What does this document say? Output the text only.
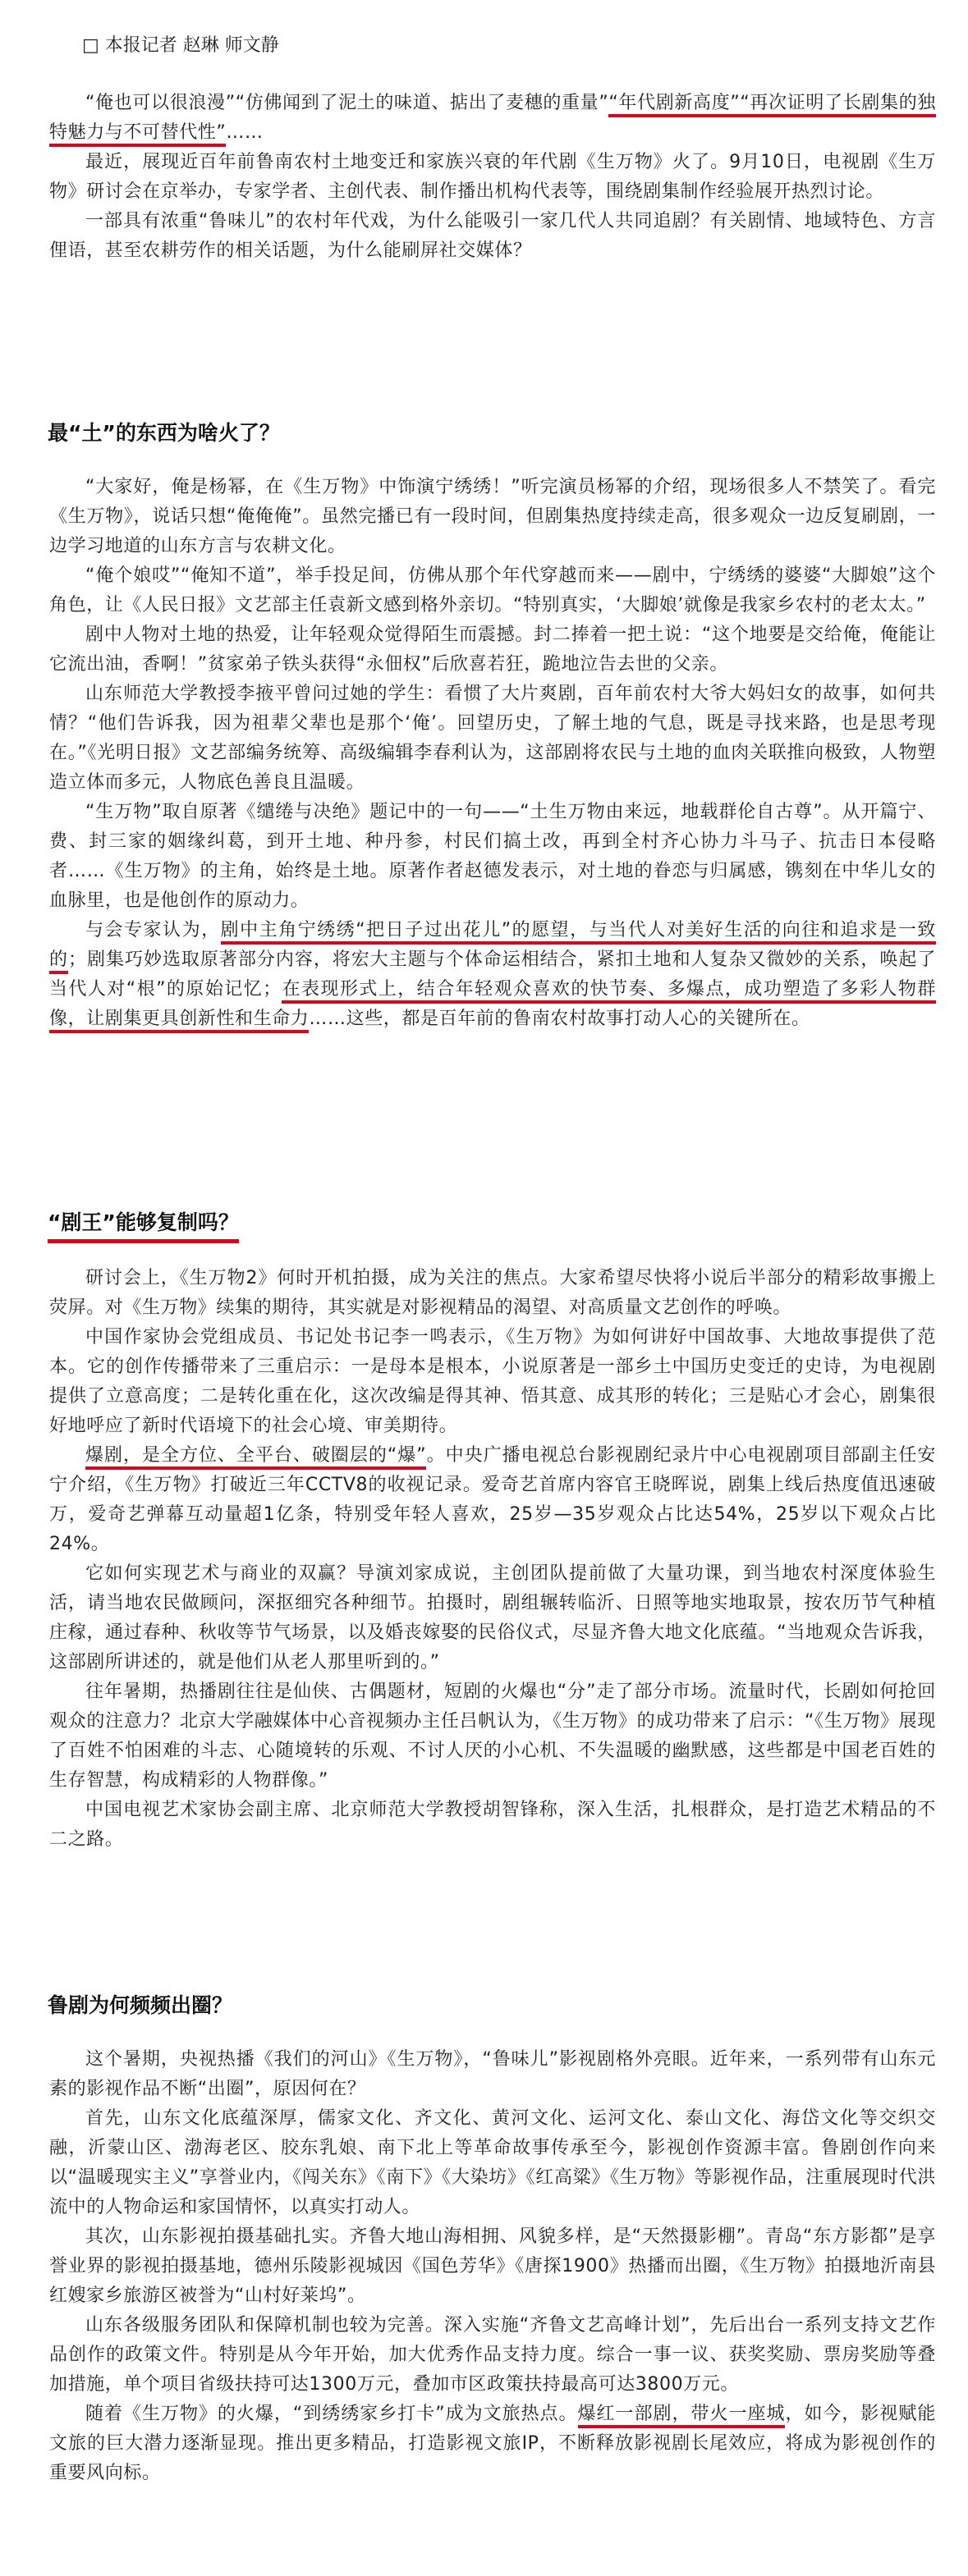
□ 本报记者 赵琳 师文静

“俺也可以很浪漫”“仿佛闻到了泥土的味道、掂出了麦穗的重量”“年代剧新高度”“再次证明了长剧集的独特魅力与不可替代性”……

最近，展现近百年前鲁南农村土地变迁和家族兴衰的年代剧《生万物》火了。9月10日，电视剧《生万物》研讨会在京举办，专家学者、主创代表、制作播出机构代表等，围绕剧集制作经验展开热烈讨论。

一部具有浓重“鲁味儿”的农村年代戏，为什么能吸引一家几代人共同追剧？有关剧情、地域特色、方言俚语，甚至农耕劳作的相关话题，为什么能刷屏社交媒体？

最“土”的东西为啥火了？

“大家好，俺是杨幂，在《生万物》中饰演宁绣绣！”听完演员杨幂的介绍，现场很多人不禁笑了。看完《生万物》，说话只想“俺俺俺”。虽然完播已有一段时间，但剧集热度持续走高，很多观众一边反复刷剧，一边学习地道的山东方言与农耕文化。

“俺个娘哎”“俺知不道”，举手投足间，仿佛从那个年代穿越而来——剧中，宁绣绣的婆婆“大脚娘”这个角色，让《人民日报》文艺部主任袁新文感到格外亲切。“特别真实，‘大脚娘’就像是我家乡农村的老太太。”

剧中人物对土地的热爱，让年轻观众觉得陌生而震撼。封二捧着一把土说：“这个地要是交给俺，俺能让它流出油，香啊！”贫家弟子铁头获得“永佃权”后欣喜若狂，跪地泣告去世的父亲。

山东师范大学教授李掖平曾问过她的学生：看惯了大片爽剧，百年前农村大爷大妈妇女的故事，如何共情？“他们告诉我，因为祖辈父辈也是那个‘俺’。回望历史，了解土地的气息，既是寻找来路，也是思考现在。”《光明日报》文艺部编务统筹、高级编辑李春利认为，这部剧将农民与土地的血肉关联推向极致，人物塑造立体而多元，人物底色善良且温暖。

“生万物”取自原著《缱绻与决绝》题记中的一句——“土生万物由来远，地载群伦自古尊”。从开篇宁、费、封三家的姻缘纠葛，到开土地、种丹参，村民们搞土改，再到全村齐心协力斗马子、抗击日本侵略者……《生万物》的主角，始终是土地。原著作者赵德发表示，对土地的眷恋与归属感，镌刻在中华儿女的血脉里，也是他创作的原动力。

与会专家认为，剧中主角宁绣绣“把日子过出花儿”的愿望，与当代人对美好生活的向往和追求是一致的；剧集巧妙选取原著部分内容，将宏大主题与个体命运相结合，紧扣土地和人复杂又微妙的关系，唤起了当代人对“根”的原始记忆；在表现形式上，结合年轻观众喜欢的快节奏、多爆点，成功塑造了多彩人物群像，让剧集更具创新性和生命力……这些，都是百年前的鲁南农村故事打动人心的关键所在。

“剧王”能够复制吗？

研讨会上，《生万物2》何时开机拍摄，成为关注的焦点。大家希望尽快将小说后半部分的精彩故事搬上荧屏。对《生万物》续集的期待，其实就是对影视精品的渴望、对高质量文艺创作的呼唤。

中国作家协会党组成员、书记处书记李一鸣表示，《生万物》为如何讲好中国故事、大地故事提供了范本。它的创作传播带来了三重启示：一是母本是根本，小说原著是一部乡土中国历史变迁的史诗，为电视剧提供了立意高度；二是转化重在化，这次改编是得其神、悟其意、成其形的转化；三是贴心才会心，剧集很好地呼应了新时代语境下的社会心境、审美期待。

爆剧，是全方位、全平台、破圈层的“爆”。中央广播电视总台影视剧纪录片中心电视剧项目部副主任安宁介绍，《生万物》打破近三年CCTV8的收视记录。爱奇艺首席内容官王晓晖说，剧集上线后热度值迅速破万，爱奇艺弹幕互动量超1亿条，特别受年轻人喜欢，25岁—35岁观众占比达54%，25岁以下观众占比24%。

它如何实现艺术与商业的双赢？导演刘家成说，主创团队提前做了大量功课，到当地农村深度体验生活，请当地农民做顾问，深抠细究各种细节。拍摄时，剧组辗转临沂、日照等地实地取景，按农历节气种植庄稼，通过春种、秋收等节气场景，以及婚丧嫁娶的民俗仪式，尽显齐鲁大地文化底蕴。“当地观众告诉我，这部剧所讲述的，就是他们从老人那里听到的。”

往年暑期，热播剧往往是仙侠、古偶题材，短剧的火爆也“分”走了部分市场。流量时代，长剧如何抢回观众的注意力？北京大学融媒体中心音视频办主任吕帆认为，《生万物》的成功带来了启示：“《生万物》展现了百姓不怕困难的斗志、心随境转的乐观、不讨人厌的小心机、不失温暖的幽默感，这些都是中国老百姓的生存智慧，构成精彩的人物群像。”

中国电视艺术家协会副主席、北京师范大学教授胡智锋称，深入生活，扎根群众，是打造艺术精品的不二之路。

鲁剧为何频频出圈？

这个暑期，央视热播《我们的河山》《生万物》，“鲁味儿”影视剧格外亮眼。近年来，一系列带有山东元素的影视作品不断“出圈”，原因何在？

首先，山东文化底蕴深厚，儒家文化、齐文化、黄河文化、运河文化、泰山文化、海岱文化等交织交融，沂蒙山区、渤海老区、胶东乳娘、南下北上等革命故事传承至今，影视创作资源丰富。鲁剧创作向来以“温暖现实主义”享誉业内，《闯关东》《南下》《大染坊》《红高粱》《生万物》等影视作品，注重展现时代洪流中的人物命运和家国情怀，以真实打动人。

其次，山东影视拍摄基础扎实。齐鲁大地山海相拥、风貌多样，是“天然摄影棚”。青岛“东方影都”是享誉业界的影视拍摄基地，德州乐陵影视城因《国色芳华》《唐探1900》热播而出圈，《生万物》拍摄地沂南县红嫂家乡旅游区被誉为“山村好莱坞”。

山东各级服务团队和保障机制也较为完善。深入实施“齐鲁文艺高峰计划”，先后出台一系列支持文艺作品创作的政策文件。特别是从今年开始，加大优秀作品支持力度。综合一事一议、获奖奖励、票房奖励等叠加措施，单个项目省级扶持可达1300万元，叠加市区政策扶持最高可达3800万元。

随着《生万物》的火爆，“到绣绣家乡打卡”成为文旅热点。爆红一部剧，带火一座城，如今，影视赋能文旅的巨大潜力逐渐显现。推出更多精品，打造影视文旅IP，不断释放影视剧长尾效应，将成为影视创作的重要风向标。
